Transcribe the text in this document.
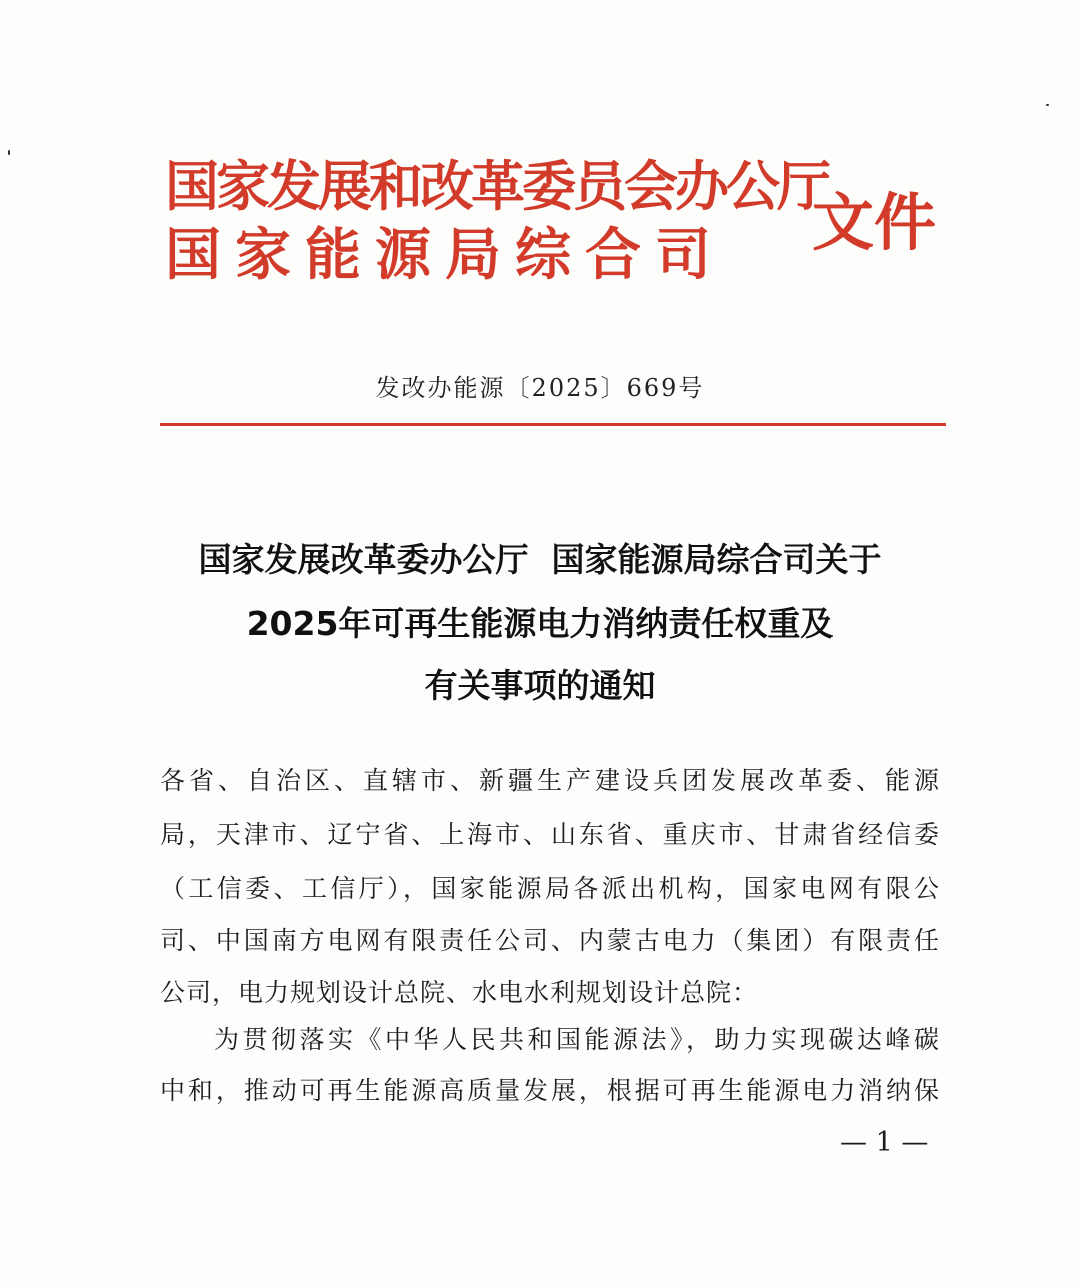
国家发展和改革委员会办公厅
国家能源局综合司 文件
发改办能源〔2025〕669号
国家发展改革委办公厅  国家能源局综合司关于
2025年可再生能源电力消纳责任权重及
有关事项的通知
各省、自治区、直辖市、新疆生产建设兵团发展改革委、能源
局，天津市、辽宁省、上海市、山东省、重庆市、甘肃省经信委
（工信委、工信厅），国家能源局各派出机构，国家电网有限公
司、中国南方电网有限责任公司、内蒙古电力（集团）有限责任
公司，电力规划设计总院、水电水利规划设计总院：
为贯彻落实《中华人民共和国能源法》，助力实现碳达峰碳
中和，推动可再生能源高质量发展，根据可再生能源电力消纳保
— 1 —
